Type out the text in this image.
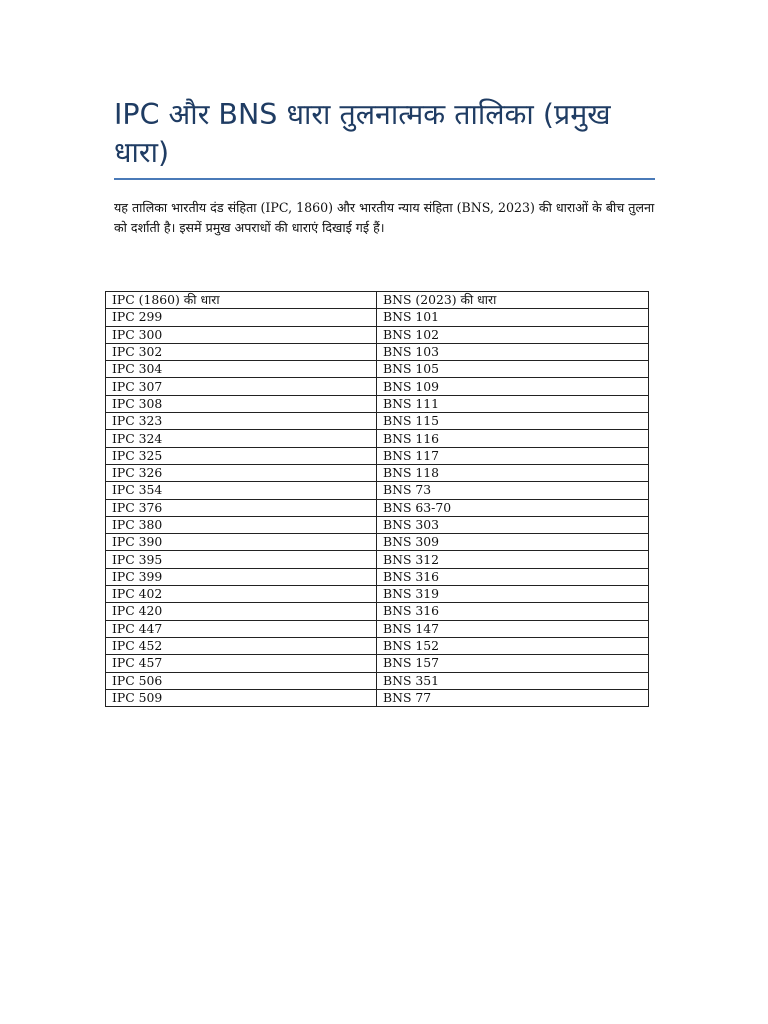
IPC और BNS धारा तुलनात्मक तालिका (प्रमुख धारा)

यह तालिका भारतीय दंड संहिता (IPC, 1860) और भारतीय न्याय संहिता (BNS, 2023) की धाराओं के बीच तुलना को दर्शाती है। इसमें प्रमुख अपराधों की धाराएं दिखाई गई हैं।

IPC (1860) की धारा	BNS (2023) की धारा
IPC 299	BNS 101
IPC 300	BNS 102
IPC 302	BNS 103
IPC 304	BNS 105
IPC 307	BNS 109
IPC 308	BNS 111
IPC 323	BNS 115
IPC 324	BNS 116
IPC 325	BNS 117
IPC 326	BNS 118
IPC 354	BNS 73
IPC 376	BNS 63-70
IPC 380	BNS 303
IPC 390	BNS 309
IPC 395	BNS 312
IPC 399	BNS 316
IPC 402	BNS 319
IPC 420	BNS 316
IPC 447	BNS 147
IPC 452	BNS 152
IPC 457	BNS 157
IPC 506	BNS 351
IPC 509	BNS 77
